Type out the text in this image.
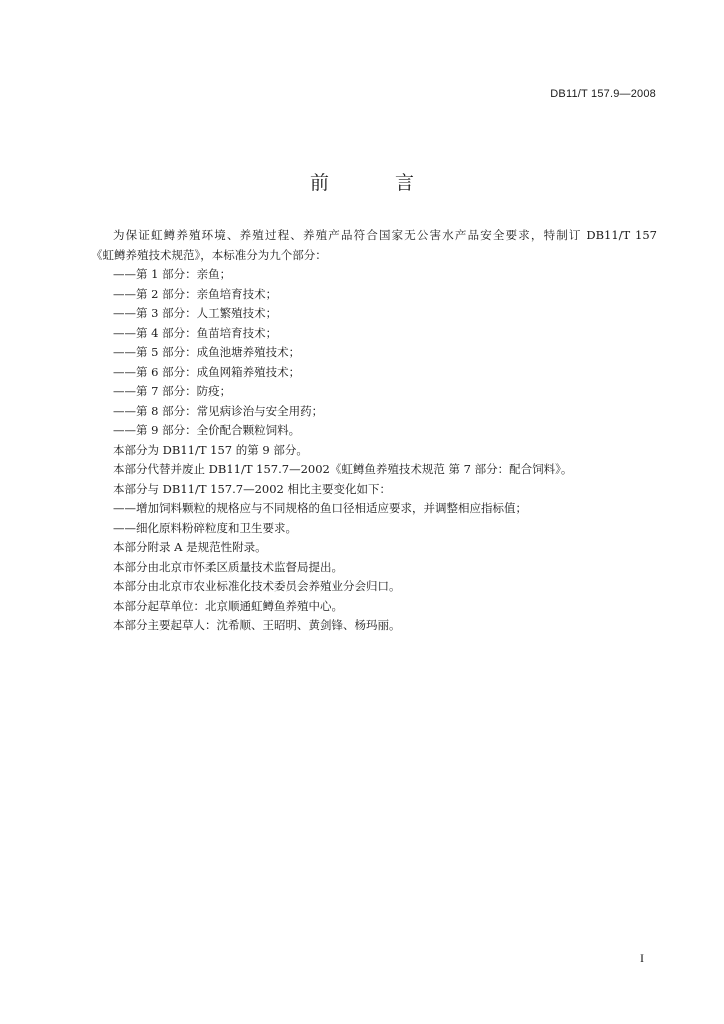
DB11/T 157.9—2008
前 言

为保证虹鳟养殖环境、养殖过程、养殖产品符合国家无公害水产品安全要求，特制订 DB11/T 157

《虹鳟养殖技术规范》，本标准分为九个部分：

——第 1 部分：亲鱼；

——第 2 部分：亲鱼培育技术；

——第 3 部分：人工繁殖技术；

——第 4 部分：鱼苗培育技术；

——第 5 部分：成鱼池塘养殖技术；

——第 6 部分：成鱼网箱养殖技术；

——第 7 部分：防疫；

——第 8 部分：常见病诊治与安全用药；

——第 9 部分：全价配合颗粒饲料。

本部分为 DB11/T 157 的第 9 部分。

本部分代替并废止 DB11/T 157.7—2002《虹鳟鱼养殖技术规范 第 7 部分：配合饲料》。

本部分与 DB11/T 157.7—2002 相比主要变化如下：

——增加饲料颗粒的规格应与不同规格的鱼口径相适应要求，并调整相应指标值；

——细化原料粉碎粒度和卫生要求。

本部分附录 A 是规范性附录。

本部分由北京市怀柔区质量技术监督局提出。

本部分由北京市农业标准化技术委员会养殖业分会归口。

本部分起草单位：北京顺通虹鳟鱼养殖中心。

本部分主要起草人：沈希顺、王昭明、黄剑锋、杨玛丽。

I
